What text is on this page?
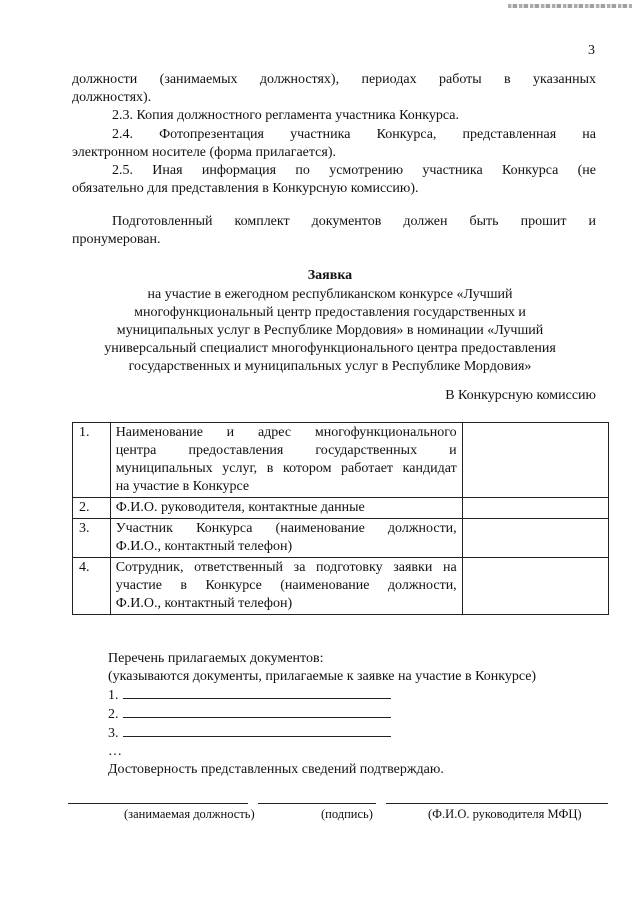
3
должности (занимаемых должностях), периодах работы в указанных
должностях).
2.3. Копия должностного регламента участника Конкурса.
2.4. Фотопрезентация участника Конкурса, представленная на
электронном носителе (форма прилагается).
2.5. Иная информация по усмотрению участника Конкурса (не
обязательно для представления в Конкурсную комиссию).
Подготовленный комплект документов должен быть прошит и
пронумерован.
Заявка
на участие в ежегодном республиканском конкурсе «Лучший
многофункциональный центр предоставления государственных и
муниципальных услуг в Республике Мордовия» в номинации «Лучший
универсальный специалист многофункционального центра предоставления
государственных и муниципальных услуг в Республике Мордовия»
В Конкурсную комиссию
1.	Наименование и адрес многофункционального
центра предоставления государственных и
муниципальных услуг, в котором работает кандидат
на участие в Конкурсе	

2.	Ф.И.О. руководителя, контактные данные	

3.	Участник Конкурса (наименование должности,
Ф.И.О., контактный телефон)	

4.	Сотрудник, ответственный за подготовку заявки на
участие в Конкурсе (наименование должности,
Ф.И.О., контактный телефон)	

Перечень прилагаемых документов:
(указываются документы, прилагаемые к заявке на участие в Конкурсе)
1.
2.
3.
…
Достоверность представленных сведений подтверждаю.
(занимаемая должность)	(подпись)	(Ф.И.О. руководителя МФЦ)
